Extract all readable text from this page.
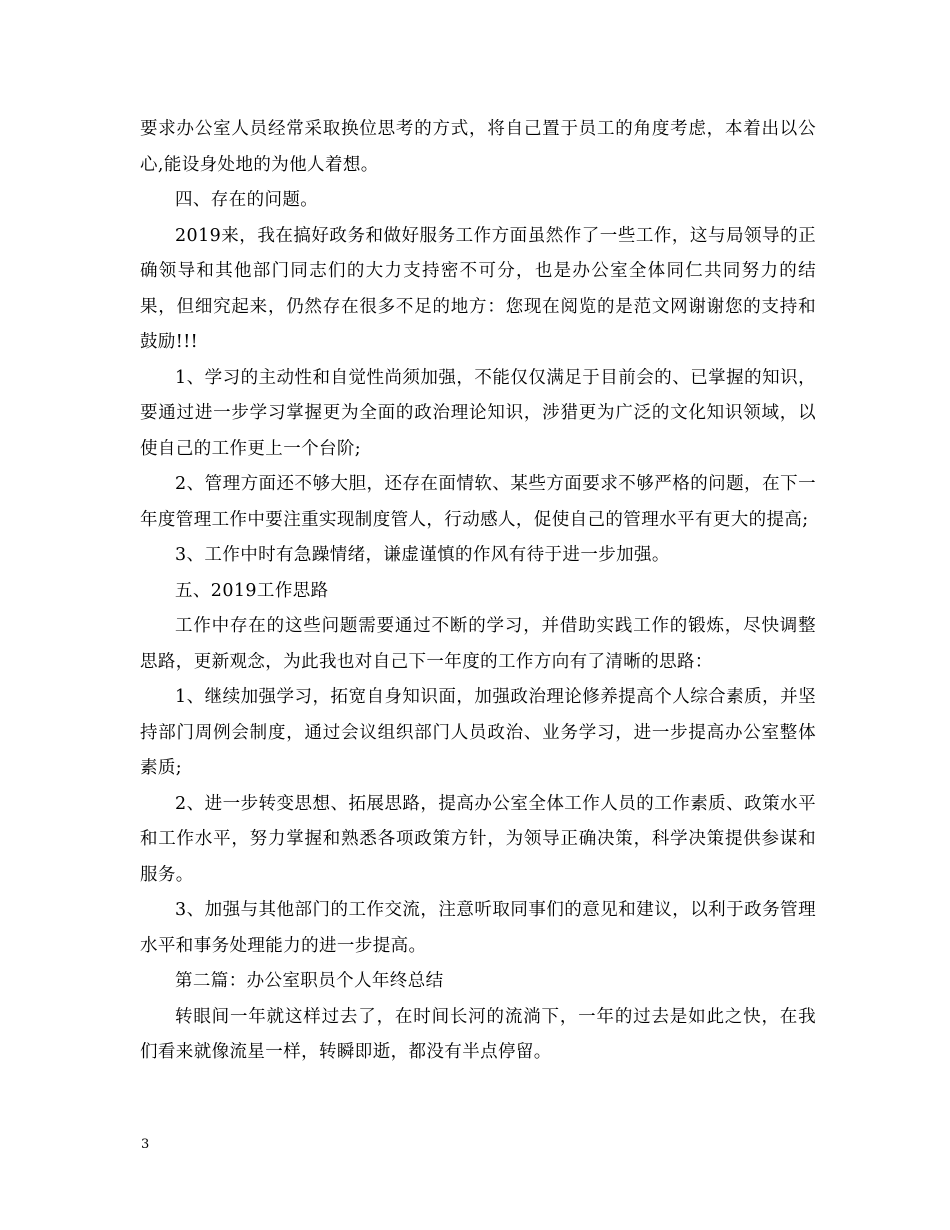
要求办公室人员经常采取换位思考的方式，将自己置于员工的角度考虑，本着出以公心,能设身处地的为他人着想。

四、存在的问题。

2019来，我在搞好政务和做好服务工作方面虽然作了一些工作，这与局领导的正确领导和其他部门同志们的大力支持密不可分，也是办公室全体同仁共同努力的结果，但细究起来，仍然存在很多不足的地方：您现在阅览的是范文网谢谢您的支持和鼓励!!!

1、学习的主动性和自觉性尚须加强，不能仅仅满足于目前会的、已掌握的知识，要通过进一步学习掌握更为全面的政治理论知识，涉猎更为广泛的文化知识领域，以使自己的工作更上一个台阶;

2、管理方面还不够大胆，还存在面情软、某些方面要求不够严格的问题，在下一年度管理工作中要注重实现制度管人，行动感人，促使自己的管理水平有更大的提高;

3、工作中时有急躁情绪，谦虚谨慎的作风有待于进一步加强。

五、2019工作思路

工作中存在的这些问题需要通过不断的学习，并借助实践工作的锻炼，尽快调整思路，更新观念，为此我也对自己下一年度的工作方向有了清晰的思路：

1、继续加强学习，拓宽自身知识面，加强政治理论修养提高个人综合素质，并坚持部门周例会制度，通过会议组织部门人员政治、业务学习，进一步提高办公室整体素质;

2、进一步转变思想、拓展思路，提高办公室全体工作人员的工作素质、政策水平和工作水平，努力掌握和熟悉各项政策方针，为领导正确决策，科学决策提供参谋和服务。

3、加强与其他部门的工作交流，注意听取同事们的意见和建议，以利于政务管理水平和事务处理能力的进一步提高。

第二篇：办公室职员个人年终总结

转眼间一年就这样过去了，在时间长河的流淌下，一年的过去是如此之快，在我们看来就像流星一样，转瞬即逝，都没有半点停留。

3
